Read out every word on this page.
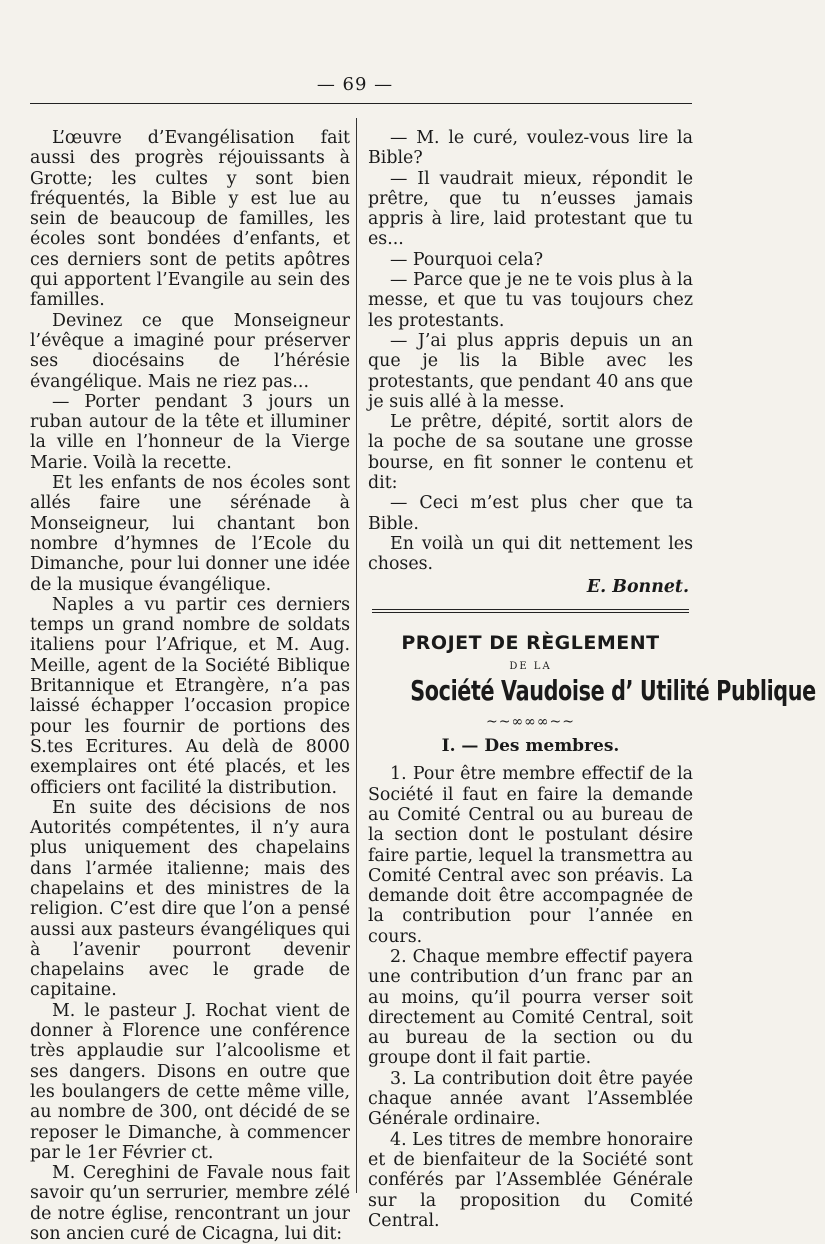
— 69 —

L’œuvre d’Evangélisation fait aussi des progrès réjouissants à Grotte; les cultes y sont bien fréquentés, la Bible y est lue au sein de beaucoup de familles, les écoles sont bondées d’enfants, et ces derniers sont de petits apôtres qui apportent l’Evangile au sein des familles.

Devinez ce que Monseigneur l’évêque a imaginé pour préserver ses diocésains de l’hérésie évangélique. Mais ne riez pas...

— Porter pendant 3 jours un ruban autour de la tête et illuminer la ville en l’honneur de la Vierge Marie. Voilà la recette.

Et les enfants de nos écoles sont allés faire une sérénade à Monseigneur, lui chantant bon nombre d’hymnes de l’Ecole du Dimanche, pour lui donner une idée de la musique évangélique.

Naples a vu partir ces derniers temps un grand nombre de soldats italiens pour l’Afrique, et M. Aug. Meille, agent de la Société Biblique Britannique et Etrangère, n’a pas laissé échapper l’occasion propice pour les fournir de portions des S.tes Ecritures. Au delà de 8000 exemplaires ont été placés, et les officiers ont facilité la distribution.

En suite des décisions de nos Autorités compétentes, il n’y aura plus uniquement des chapelains dans l’armée italienne; mais des chapelains et des ministres de la religion. C’est dire que l’on a pensé aussi aux pasteurs évangéliques qui à l’avenir pourront devenir chapelains avec le grade de capitaine.

M. le pasteur J. Rochat vient de donner à Florence une conférence très applaudie sur l’alcoolisme et ses dangers. Disons en outre que les boulangers de cette même ville, au nombre de 300, ont décidé de se reposer le Dimanche, à commencer par le 1er Février ct.

M. Cereghini de Favale nous fait savoir qu’un serrurier, membre zélé de notre église, rencontrant un jour son ancien curé de Cicagna, lui dit:

— M. le curé, voulez-vous lire la Bible?

— Il vaudrait mieux, répondit le prêtre, que tu n’eusses jamais appris à lire, laid protestant que tu es...

— Pourquoi cela?

— Parce que je ne te vois plus à la messe, et que tu vas toujours chez les protestants.

— J’ai plus appris depuis un an que je lis la Bible avec les protestants, que pendant 40 ans que je suis allé à la messe.

Le prêtre, dépité, sortit alors de la poche de sa soutane une grosse bourse, en fit sonner le contenu et dit:

— Ceci m’est plus cher que ta Bible.

En voilà un qui dit nettement les choses.

E. Bonnet.
PROJET DE RÈGLEMENT
DE LA
Société Vaudoise d’ Utilité Publique
~~∞∞∞~~
I. — Des membres.

1. Pour être membre effectif de la Société il faut en faire la demande au Comité Central ou au bureau de la section dont le postulant désire faire partie, lequel la transmettra au Comité Central avec son préavis. La demande doit être accompagnée de la contribution pour l’année en cours.

2. Chaque membre effectif payera une contribution d’un franc par an au moins, qu’il pourra verser soit directement au Comité Central, soit au bureau de la section ou du groupe dont il fait partie.

3. La contribution doit être payée chaque année avant l’Assemblée Générale ordinaire.

4. Les titres de membre honoraire et de bienfaiteur de la Société sont conférés par l’Assemblée Générale sur la proposition du Comité Central.
